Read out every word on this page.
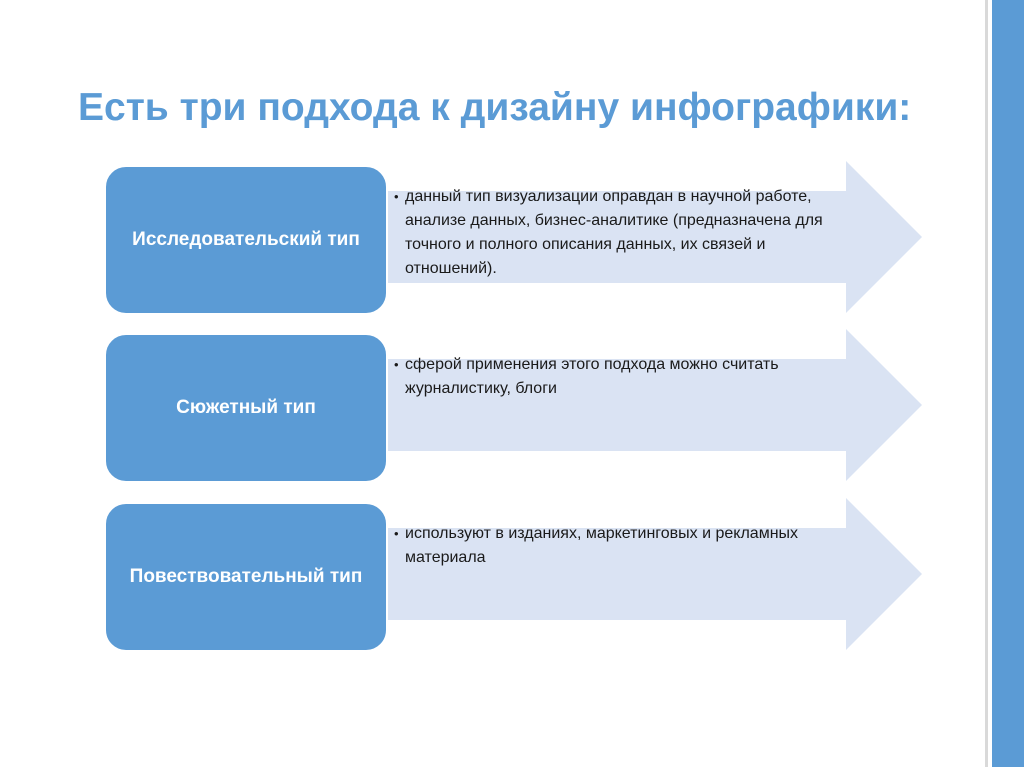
Есть три подхода к дизайну инфографики:
Исследовательский тип
• данный тип визуализации оправдан в научной работе, анализе данных, бизнес-аналитике (предназначена для точного и полного описания данных, их связей и отношений).
Сюжетный тип
• сферой применения этого подхода можно считать журналистику, блоги
Повествовательный тип
• используют в изданиях, маркетинговых и рекламных материала
